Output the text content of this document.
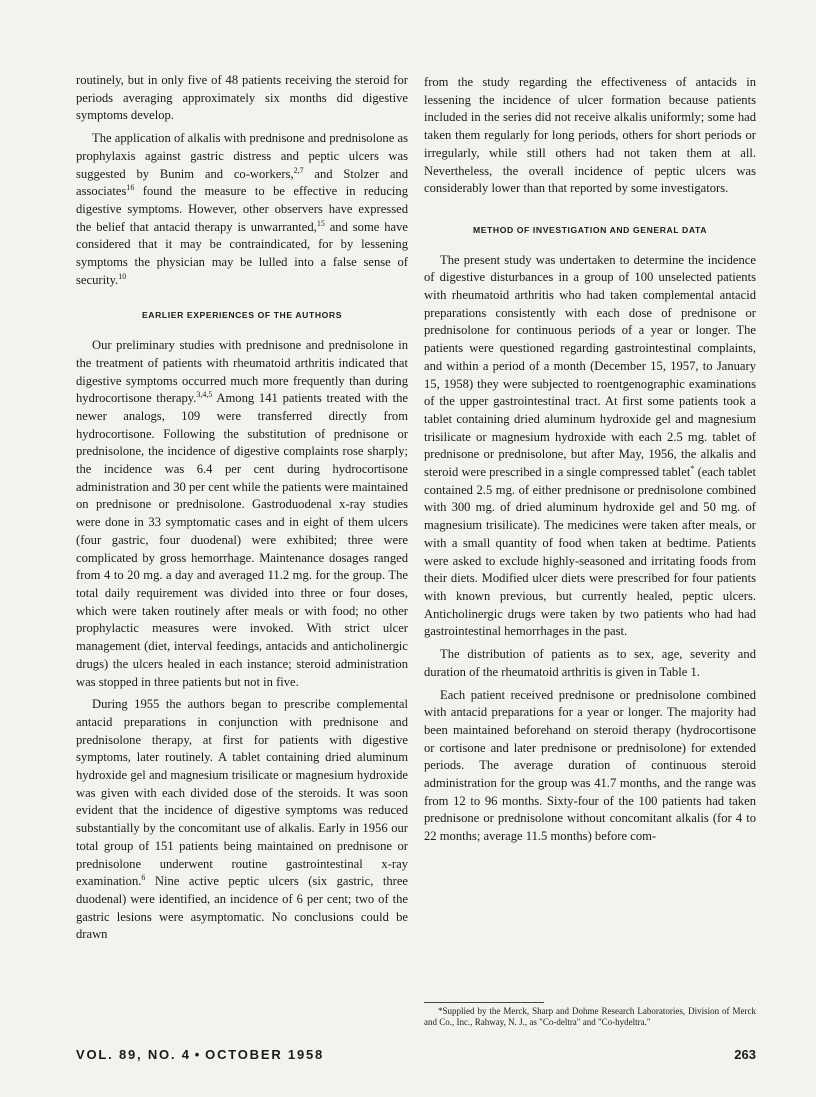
routinely, but in only five of 48 patients receiving the steroid for periods averaging approximately six months did digestive symptoms develop.

The application of alkalis with prednisone and prednisolone as prophylaxis against gastric distress and peptic ulcers was suggested by Bunim and co-workers,$^{2,7}$ and Stolzer and associates$^{16}$ found the measure to be effective in reducing digestive symptoms. However, other observers have expressed the belief that antacid therapy is unwarranted,$^{15}$ and some have considered that it may be contraindicated, for by lessening symptoms the physician may be lulled into a false sense of security.$^{10}$

EARLIER EXPERIENCES OF THE AUTHORS

Our preliminary studies with prednisone and prednisolone in the treatment of patients with rheumatoid arthritis indicated that digestive symptoms occurred much more frequently than during hydrocortisone therapy.$^{3,4,5}$ Among 141 patients treated with the newer analogs, 109 were transferred directly from hydrocortisone. Following the substitution of prednisone or prednisolone, the incidence of digestive complaints rose sharply; the incidence was 6.4 per cent during hydrocortisone administration and 30 per cent while the patients were maintained on prednisone or prednisolone. Gastroduodenal x-ray studies were done in 33 symptomatic cases and in eight of them ulcers (four gastric, four duodenal) were exhibited; three were complicated by gross hemorrhage. Maintenance dosages ranged from 4 to 20 mg. a day and averaged 11.2 mg. for the group. The total daily requirement was divided into three or four doses, which were taken routinely after meals or with food; no other prophylactic measures were invoked. With strict ulcer management (diet, interval feedings, antacids and anticholinergic drugs) the ulcers healed in each instance; steroid administration was stopped in three patients but not in five.

During 1955 the authors began to prescribe complemental antacid preparations in conjunction with prednisone and prednisolone therapy, at first for patients with digestive symptoms, later routinely. A tablet containing dried aluminum hydroxide gel and magnesium trisilicate or magnesium hydroxide was given with each divided dose of the steroids. It was soon evident that the incidence of digestive symptoms was reduced substantially by the concomitant use of alkalis. Early in 1956 our total group of 151 patients being maintained on prednisone or prednisolone underwent routine gastrointestinal x-ray examination.$^6$ Nine active peptic ulcers (six gastric, three duodenal) were identified, an incidence of 6 per cent; two of the gastric lesions were asymptomatic. No conclusions could be drawn

from the study regarding the effectiveness of antacids in lessening the incidence of ulcer formation because patients included in the series did not receive alkalis uniformly; some had taken them regularly for long periods, others for short periods or irregularly, while still others had not taken them at all. Nevertheless, the overall incidence of peptic ulcers was considerably lower than that reported by some investigators.

METHOD OF INVESTIGATION AND GENERAL DATA

The present study was undertaken to determine the incidence of digestive disturbances in a group of 100 unselected patients with rheumatoid arthritis who had taken complemental antacid preparations consistently with each dose of prednisone or prednisolone for continuous periods of a year or longer. The patients were questioned regarding gastrointestinal complaints, and within a period of a month (December 15, 1957, to January 15, 1958) they were subjected to roentgenographic examinations of the upper gastrointestinal tract. At first some patients took a tablet containing dried aluminum hydroxide gel and magnesium trisilicate or magnesium hydroxide with each 2.5 mg. tablet of prednisone or prednisolone, but after May, 1956, the alkalis and steroid were prescribed in a single compressed tablet* (each tablet contained 2.5 mg. of either prednisone or prednisolone combined with 300 mg. of dried aluminum hydroxide gel and 50 mg. of magnesium trisilicate). The medicines were taken after meals, or with a small quantity of food when taken at bedtime. Patients were asked to exclude highly-seasoned and irritating foods from their diets. Modified ulcer diets were prescribed for four patients with known previous, but currently healed, peptic ulcers. Anticholinergic drugs were taken by two patients who had had gastrointestinal hemorrhages in the past.

The distribution of patients as to sex, age, severity and duration of the rheumatoid arthritis is given in Table 1.

Each patient received prednisone or prednisolone combined with antacid preparations for a year or longer. The majority had been maintained beforehand on steroid therapy (hydrocortisone or cortisone and later prednisone or prednisolone) for extended periods. The average duration of continuous steroid administration for the group was 41.7 months, and the range was from 12 to 96 months. Sixty-four of the 100 patients had taken prednisone or prednisolone without concomitant alkalis (for 4 to 22 months; average 11.5 months) before com-

*Supplied by the Merck, Sharp and Dohme Research Laboratories, Division of Merck and Co., Inc., Rahway, N. J., as "Co-deltra" and "Co-hydeltra."
VOL. 89, NO. 4 • OCTOBER 1958	263
